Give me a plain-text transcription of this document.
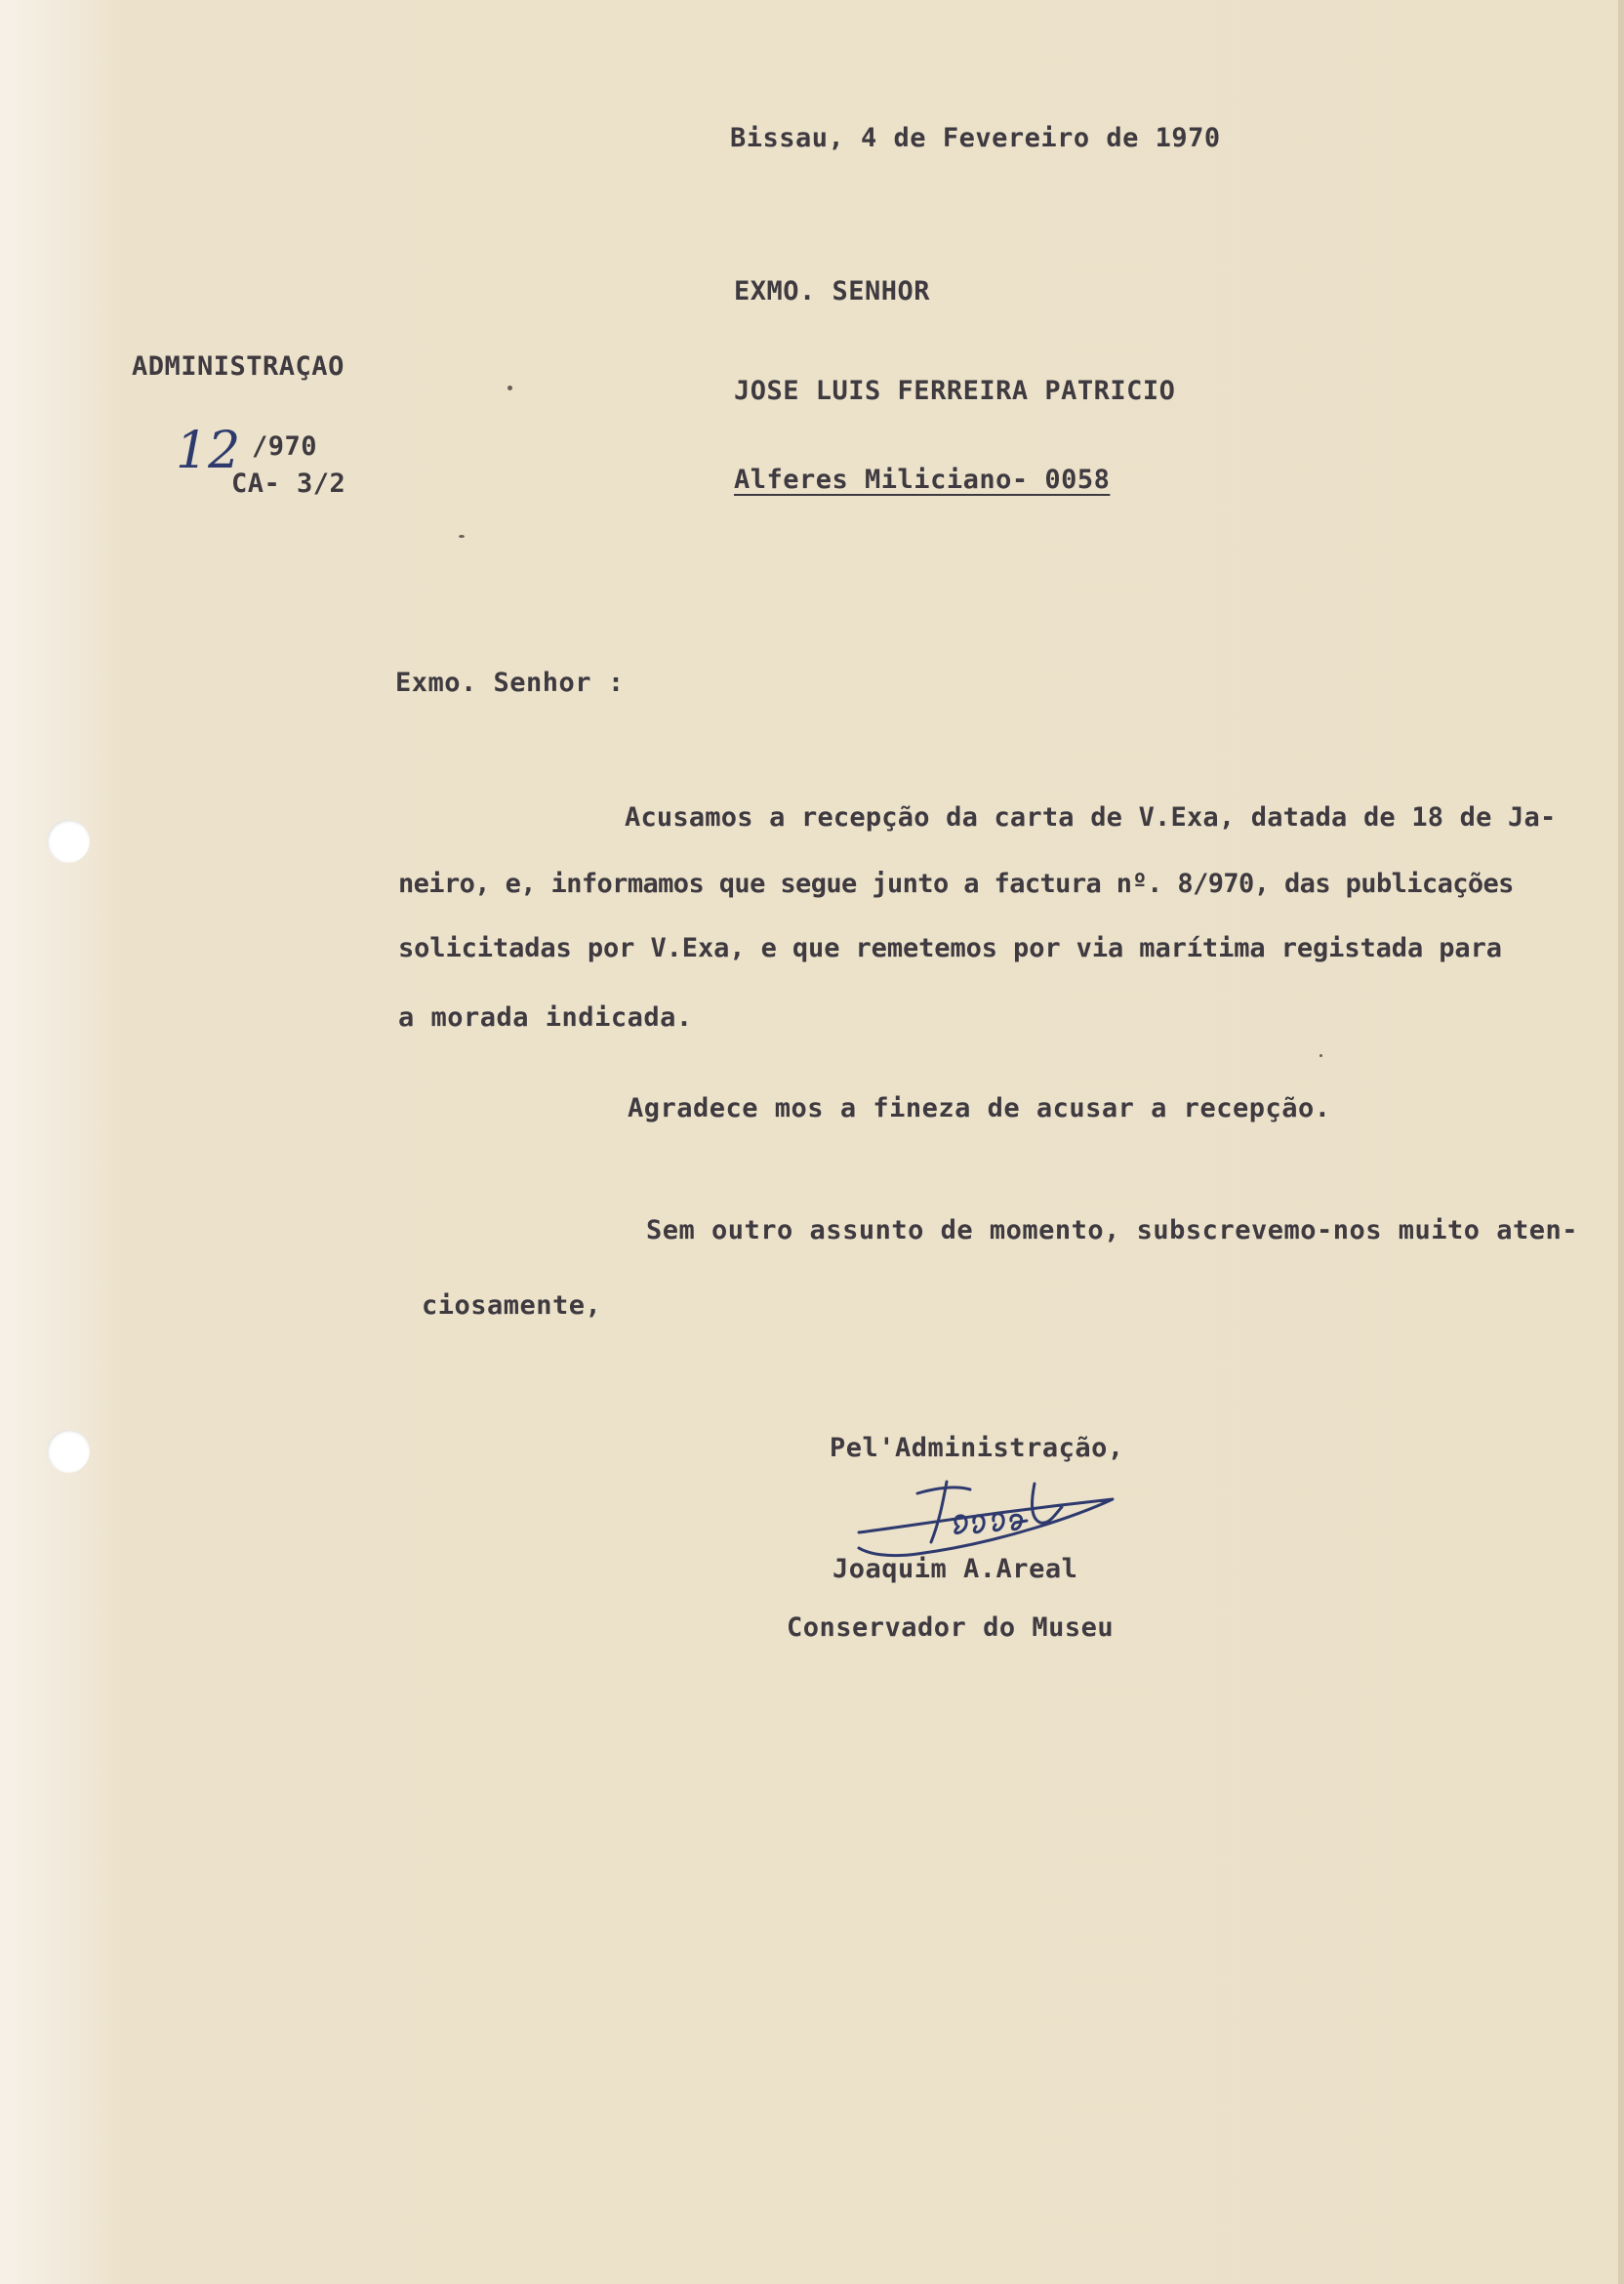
Bissau, 4 de Fevereiro de 1970
EXMO. SENHOR
JOSE LUIS FERREIRA PATRICIO
Alferes Miliciano- 0058
ADMINISTRAÇAO
12 /970
CA- 3/2
Exmo. Senhor :
Acusamos a recepção da carta de V.Exa, datada de 18 de Ja-
neiro, e, informamos que segue junto a factura nº. 8/970, das publicações
solicitadas por V.Exa, e que remetemos por via marítima registada para
a morada indicada.
Agradece mos a fineza de acusar a recepção.
Sem outro assunto de momento, subscrevemo-nos muito aten-
ciosamente,
Pel'Administração,
Joaquim A.Areal
Conservador do Museu
